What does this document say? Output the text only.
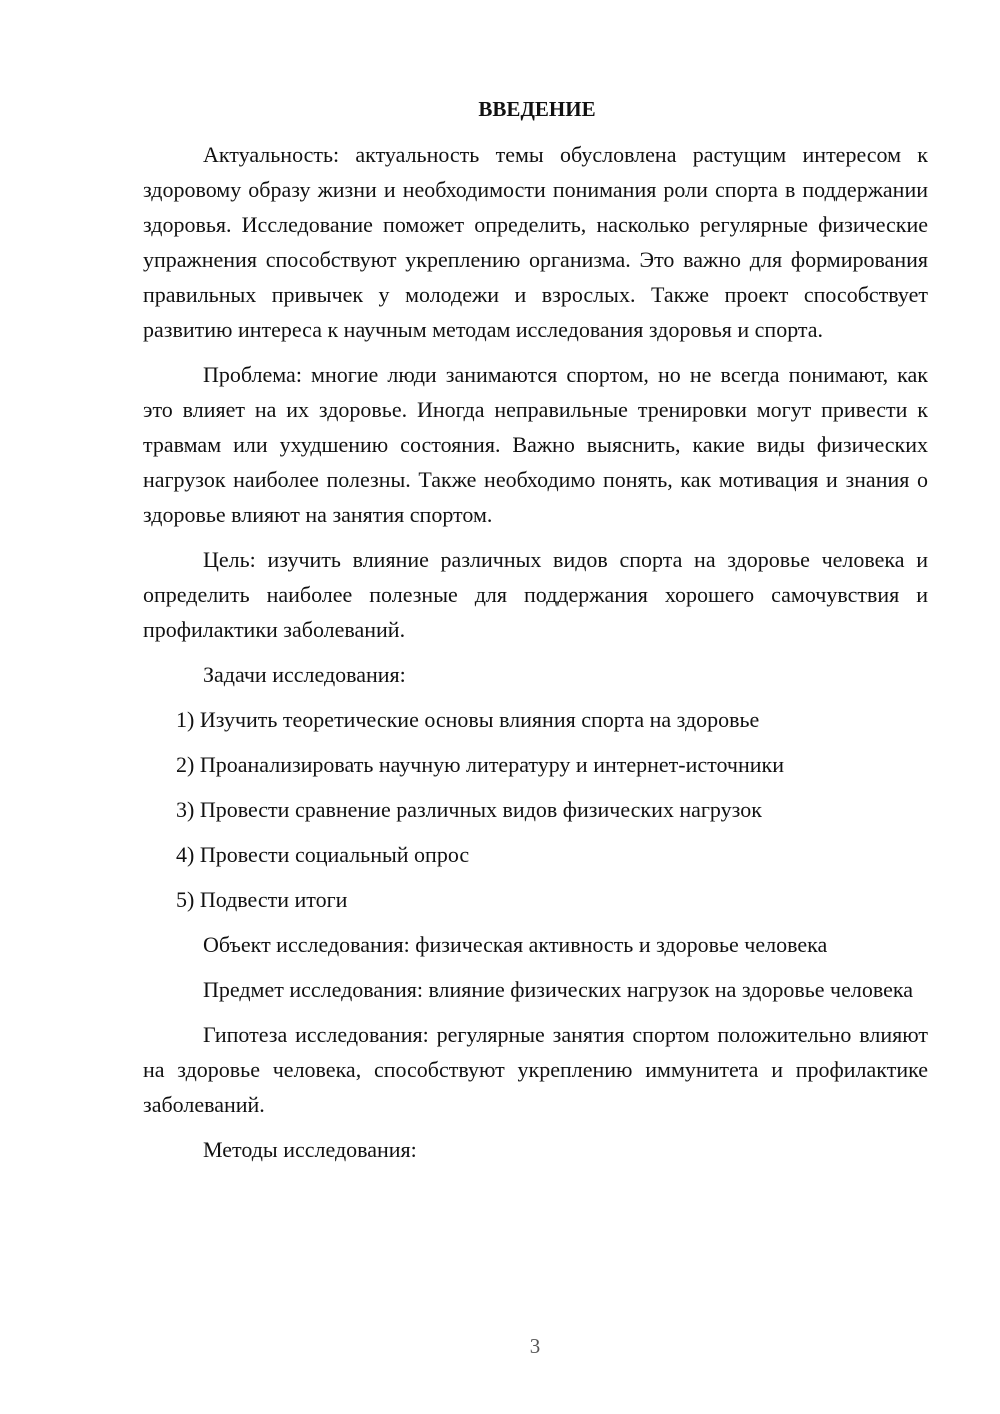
ВВЕДЕНИЕ

Актуальность: актуальность темы обусловлена растущим интересом к здоровому образу жизни и необходимости понимания роли спорта в поддержании здоровья. Исследование поможет определить, насколько регулярные физические упражнения способствуют укреплению организма. Это важно для формирования правильных привычек у молодежи и взрослых. Также проект способствует развитию интереса к научным методам исследования здоровья и спорта.

Проблема: многие люди занимаются спортом, но не всегда понимают, как это влияет на их здоровье. Иногда неправильные тренировки могут привести к травмам или ухудшению состояния. Важно выяснить, какие виды физических нагрузок наиболее полезны. Также необходимо понять, как мотивация и знания о здоровье влияют на занятия спортом.

Цель: изучить влияние различных видов спорта на здоровье человека и определить наиболее полезные для поддержания хорошего самочувствия и профилактики заболеваний.

Задачи исследования:

1) Изучить теоретические основы влияния спорта на здоровье

2) Проанализировать научную литературу и интернет-источники

3) Провести сравнение различных видов физических нагрузок

4) Провести социальный опрос

5) Подвести итоги

Объект исследования: физическая активность и здоровье человека

Предмет исследования: влияние физических нагрузок на здоровье человека

Гипотеза исследования: регулярные занятия спортом положительно влияют на здоровье человека, способствуют укреплению иммунитета и профилактике заболеваний.

Методы исследования:

3
